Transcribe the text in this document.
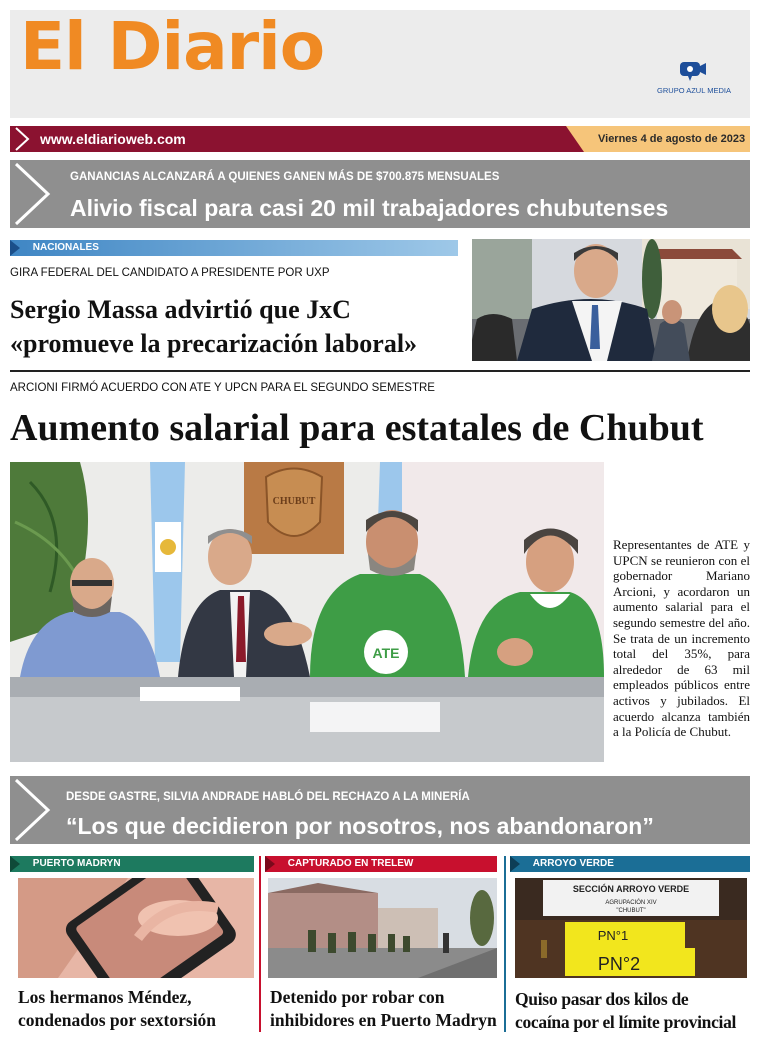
El Diario
GRUPO AZUL MEDIA
www.eldiarioweb.com	Viernes 4 de agosto de 2023
GANANCIAS ALCANZARÁ A QUIENES GANEN MÁS DE $700.875 MENSUALES
Alivio fiscal para casi 20 mil trabajadores chubutenses
NACIONALES
GIRA FEDERAL DEL CANDIDATO A PRESIDENTE POR UXP
Sergio Massa advirtió que JxC
«promueve la precarización laboral»
ARCIONI FIRMÓ ACUERDO CON ATE Y UPCN PARA EL SEGUNDO SEMESTRE
Aumento salarial para estatales de Chubut
CHUBUT
ATE
Representantes de ATE y UPCN se reunieron con el gobernador Mariano Arcioni, y acordaron un aumento salarial para el segundo semestre del año. Se trata de un incremento total del 35%, para alrededor de 63 mil empleados públicos entre activos y jubilados. El acuerdo alcanza también a la Policía de Chubut.
DESDE GASTRE, SILVIA ANDRADE HABLÓ DEL RECHAZO A LA MINERÍA
“Los que decidieron por nosotros, nos abandonaron”
PUERTO MADRYN
Los hermanos Méndez,
condenados por sextorsión
CAPTURADO EN TRELEW
Detenido por robar con
inhibidores en Puerto Madryn
ARROYO VERDE
SECCIÓN ARROYO VERDE
AGRUPACIÓN XIV
"CHUBUT"
PN°1
PN°2
Quiso pasar dos kilos de
cocaína por el límite provincial
